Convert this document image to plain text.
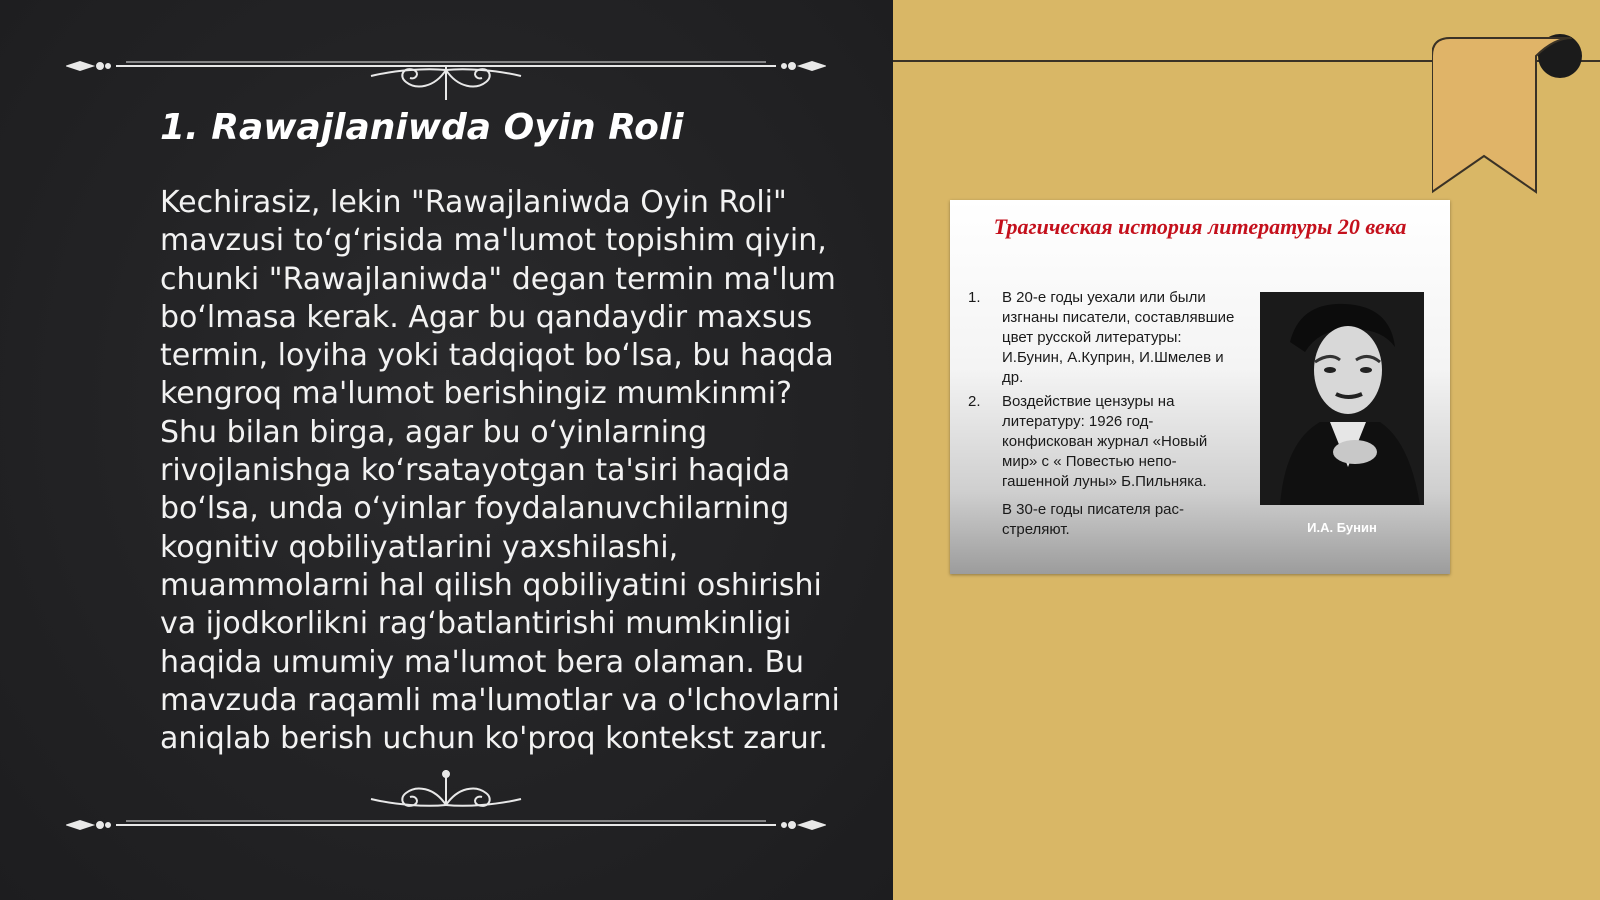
1. Rawajlaniwda Oyin Roli

Kechirasiz, lekin "Rawajlaniwda Oyin Roli" mavzusi to‘g‘risida ma'lumot topishim qiyin, chunki "Rawajlaniwda" degan termin ma'lum bo‘lmasa kerak. Agar bu qandaydir maxsus termin, loyiha yoki tadqiqot bo‘lsa, bu haqda kengroq ma'lumot berishingiz mumkinmi? Shu bilan birga, agar bu o‘yinlarning rivojlanishga ko‘rsatayotgan ta'siri haqida bo‘lsa, unda o‘yinlar foydalanuvchilarning kognitiv qobiliyatlarini yaxshilashi, muammolarni hal qilish qobiliyatini oshirishi va ijodkorlikni rag‘batlantirishi mumkinligi haqida umumiy ma'lumot bera olaman. Bu mavzuda raqamli ma'lumotlar va o'lchovlarni aniqlab berish uchun ko'proq kontekst zarur.

Трагическая история литературы 20 века
1. В 20-е годы уехали или были изгнаны писатели, составлявшие цвет русской литературы: И.Бунин, А.Куприн, И.Шмелев и др.
2. Воздействие цензуры на литературу: 1926 год- конфискован журнал «Новый мир» с « Повестью непо-гашенной луны» Б.Пильняка.
В 30-е годы писателя рас-стреляют.	И.А. Бунин
